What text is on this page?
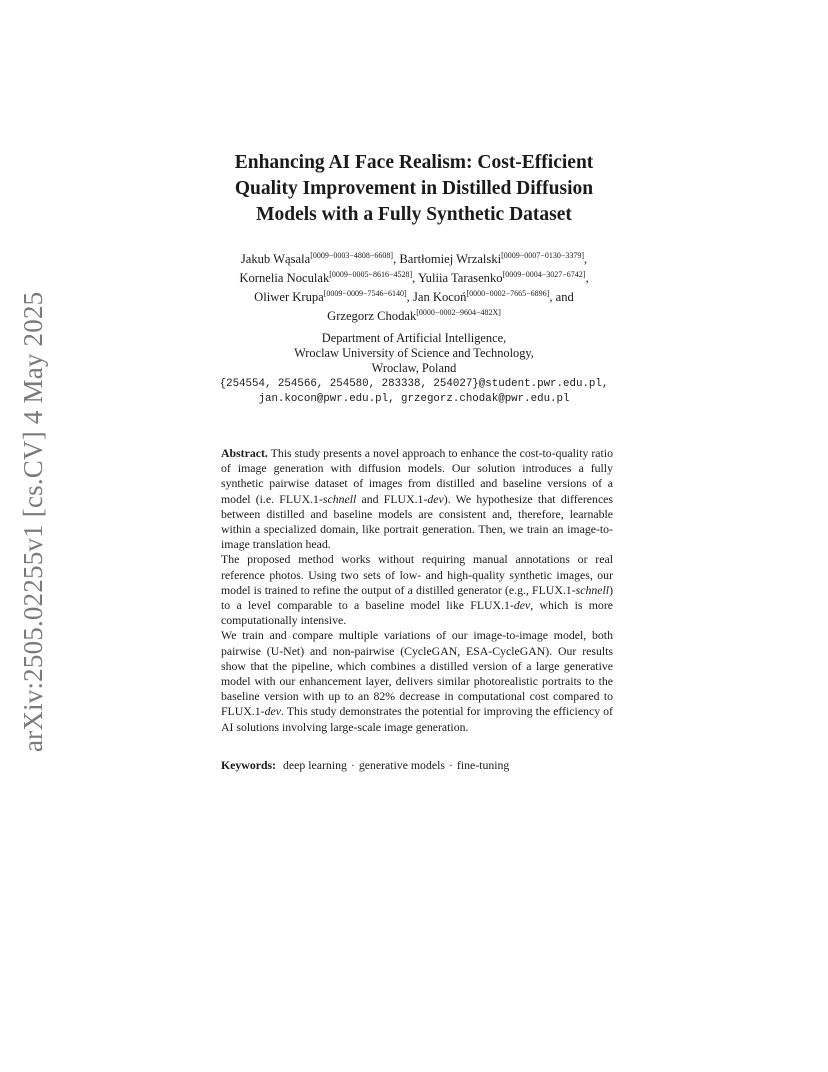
arXiv:2505.02255v1 [cs.CV] 4 May 2025
Enhancing AI Face Realism: Cost-Efficient
Quality Improvement in Distilled Diffusion
Models with a Fully Synthetic Dataset
Jakub Wąsala[0009−0003−4808−6608], Bartłomiej Wrzalski[0009−0007−0130−3379],
Kornelia Noculak[0009−0005−8616−4528], Yuliia Tarasenko[0009−0004−3027−6742],
Oliwer Krupa[0009−0009−7546−6140], Jan Kocoń[0000−0002−7665−6896], and
Grzegorz Chodak[0000−0002−9604−482X]
Department of Artificial Intelligence,
Wroclaw University of Science and Technology,
Wroclaw, Poland
{254554, 254566, 254580, 283338, 254027}@student.pwr.edu.pl,
jan.kocon@pwr.edu.pl, grzegorz.chodak@pwr.edu.pl

Abstract. This study presents a novel approach to enhance the cost-to-quality ratio of image generation with diffusion models. Our solution introduces a fully synthetic pairwise dataset of images from distilled and baseline versions of a model (i.e. FLUX.1-schnell and FLUX.1-dev). We hypothesize that differences between distilled and baseline models are consistent and, therefore, learnable within a specialized domain, like portrait generation. Then, we train an image-to-image translation head.

The proposed method works without requiring manual annotations or real reference photos. Using two sets of low- and high-quality synthetic images, our model is trained to refine the output of a distilled generator (e.g., FLUX.1-schnell) to a level comparable to a baseline model like FLUX.1-dev, which is more computationally intensive.

We train and compare multiple variations of our image-to-image model, both pairwise (U-Net) and non-pairwise (CycleGAN, ESA-CycleGAN). Our results show that the pipeline, which combines a distilled version of a large generative model with our enhancement layer, delivers similar photorealistic portraits to the baseline version with up to an 82% decrease in computational cost compared to FLUX.1-dev. This study demonstrates the potential for improving the efficiency of AI solutions involving large-scale image generation.

Keywords: deep learning · generative models · fine-tuning
